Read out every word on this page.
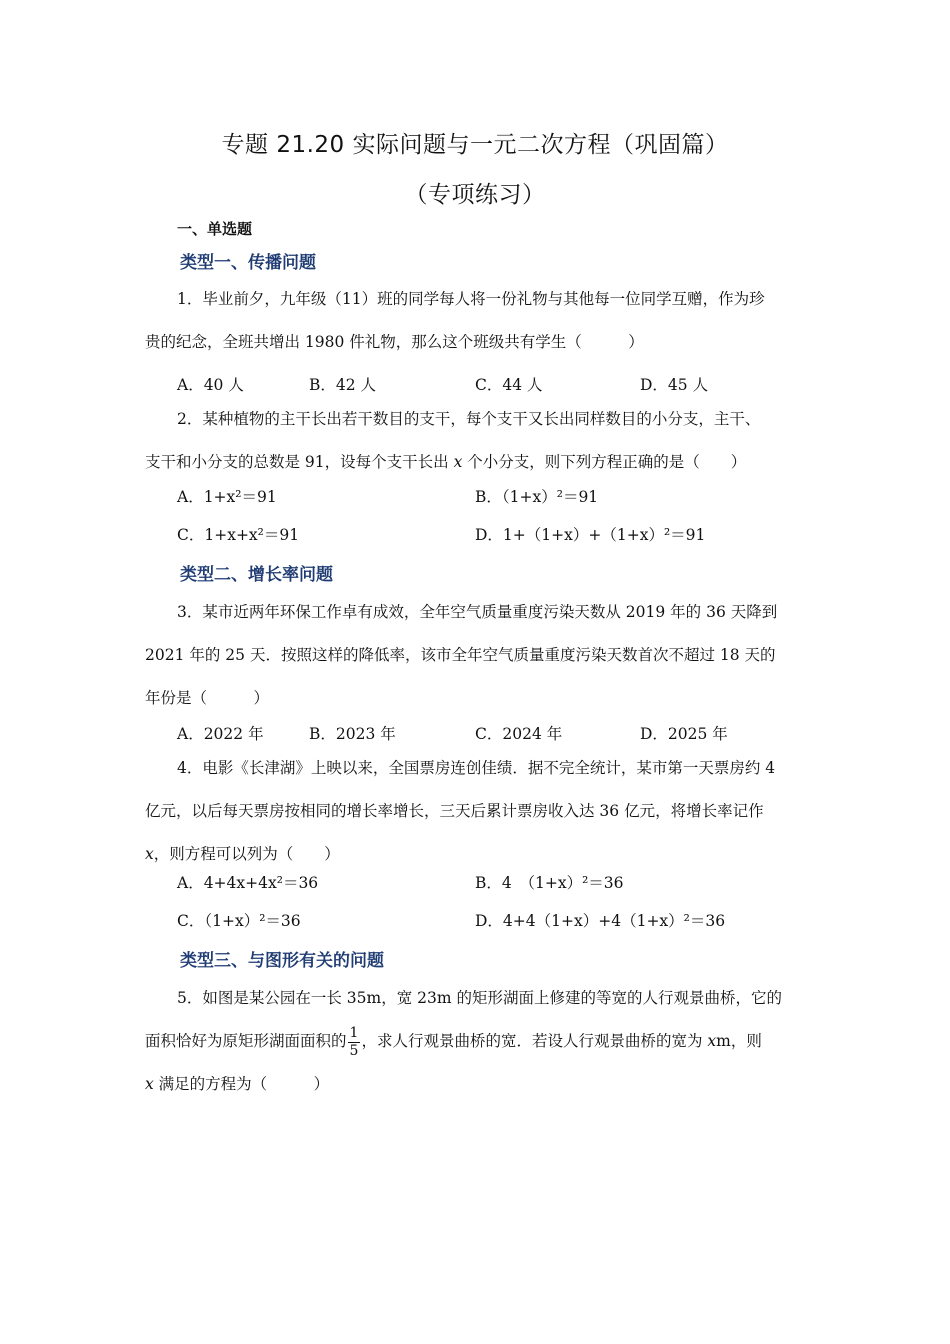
专题 21.20 实际问题与一元二次方程（巩固篇）
（专项练习）
一、单选题
类型一、传播问题
1．毕业前夕，九年级（11）班的同学每人将一份礼物与其他每一位同学互赠，作为珍
贵的纪念，全班共增出 1980 件礼物，那么这个班级共有学生（　　　）
A．40 人	B．42 人	C．44 人	D．45 人
2．某种植物的主干长出若干数目的支干，每个支干又长出同样数目的小分支，主干、
支干和小分支的总数是 91，设每个支干长出 x 个小分支，则下列方程正确的是（　　）
A．1+x²＝91	B．（1+x）²＝91
C．1+x+x²＝91	D．1+（1+x）+（1+x）²＝91
类型二、增长率问题
3．某市近两年环保工作卓有成效，全年空气质量重度污染天数从 2019 年的 36 天降到
2021 年的 25 天．按照这样的降低率，该市全年空气质量重度污染天数首次不超过 18 天的
年份是（　　　）
A．2022 年	B．2023 年	C．2024 年	D．2025 年
4．电影《长津湖》上映以来，全国票房连创佳绩．据不完全统计，某市第一天票房约 4
亿元，以后每天票房按相同的增长率增长，三天后累计票房收入达 36 亿元，将增长率记作
x，则方程可以列为（　　）
A．4+4x+4x²＝36	B．4　（1+x）²＝36
C．（1+x）²＝36	D．4+4（1+x）+4（1+x）²＝36
类型三、与图形有关的问题
5．如图是某公园在一长 35m，宽 23m 的矩形湖面上修建的等宽的人行观景曲桥，它的
面积恰好为原矩形湖面面积的 $\frac{1}{5}$ ，求人行观景曲桥的宽．若设人行观景曲桥的宽为 xm，则
x 满足的方程为（　　　）
